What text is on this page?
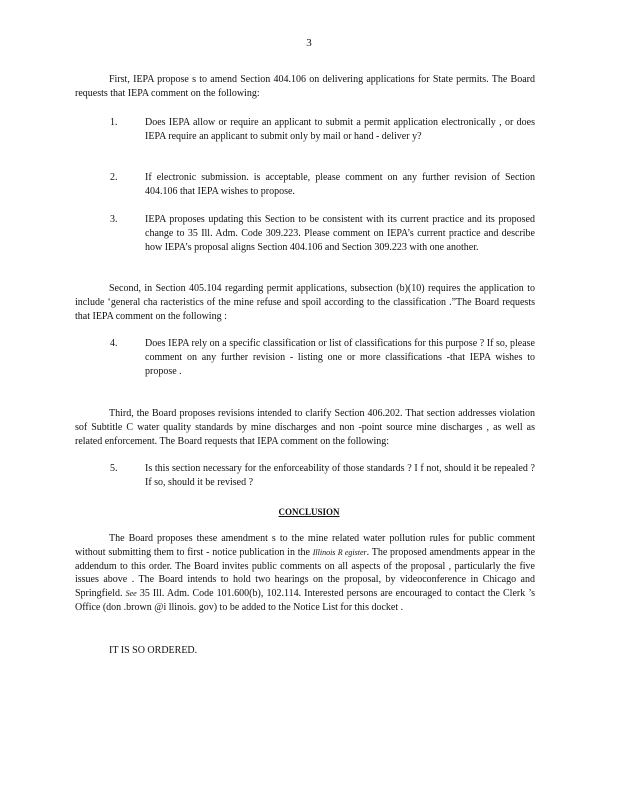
3

First, IEPA propose s to amend Section 404.106 on delivering applications for State permits. The Board requests that IEPA comment on the following:

1.	Does IEPA allow or require an applicant to submit a permit application electronically , or does IEPA require an applicant to submit only by mail or hand - deliver y?
2.	If electronic submission. is acceptable, please comment on any further revision of Section 404.106 that IEPA wishes to propose.
3.	IEPA proposes updating this Section to be consistent with its current practice and its proposed change to 35 Ill. Adm. Code 309.223. Please comment on IEPA’s current practice and describe how IEPA’s proposal aligns Section 404.106 and Section 309.223 with one another.

Second, in Section 405.104 regarding permit applications, subsection (b)(10) requires the application to include ‘general cha racteristics of the mine refuse and spoil according to the classification .”The Board requests that IEPA comment on the following :

4.	Does IEPA rely on a specific classification or list of classifications for this purpose ? If so, please comment on any further revision - listing one or more classifications -that IEPA wishes to propose .

Third, the Board proposes revisions intended to clarify Section 406.202. That section addresses violation sof Subtitle C water quality standards by mine discharges and non -point source mine discharges , as well as related enforcement. The Board requests that IEPA comment on the following:

5.	Is this section necessary for the enforceability of those standards ? I f not, should it be repealed ? If so, should it be revised ?
CONCLUSION

The Board proposes these amendment s to the mine related water pollution rules for public comment without submitting them to first - notice publication in the Illinois R egister. The proposed amendments appear in the addendum to this order. The Board invites public comments on all aspects of the proposal , particularly the five issues above . The Board intends to hold two hearings on the proposal, by videoconference in Chicago and Springfield. See 35 Ill. Adm. Code 101.600(b), 102.114. Interested persons are encouraged to contact the Clerk ’s Office (don .brown @i llinois. gov) to be added to the Notice List for this docket .

IT IS SO ORDERED.
